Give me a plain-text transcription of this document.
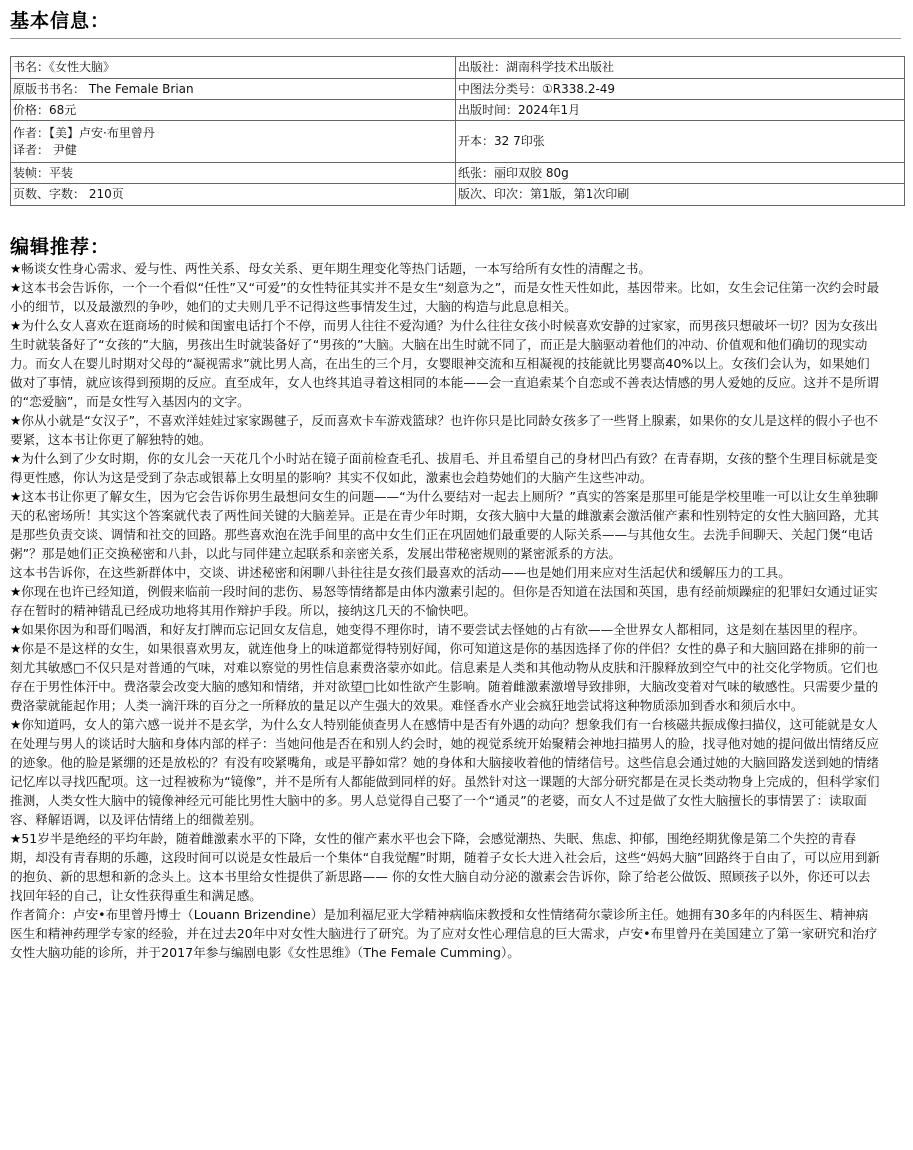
基本信息：
书名：《女性大脑》	出版社：湖南科学技术出版社
原版书书名： The Female Brian	中图法分类号：①R338.2-49
价格：68元	出版时间：2024年1月

作者：【美】卢安·布里曾丹
译者： 尹健	开本：32 7印张
装帧：平装	纸张：丽印双胶 80g
页数、字数： 210页	版次、印次：第1版，第1次印刷
编辑推荐：

★畅谈女性身心需求、爱与性、两性关系、母女关系、更年期生理变化等热门话题，一本写给所有女性的清醒之书。

★这本书会告诉你，一个一个看似“任性”又“可爱”的女性特征其实并不是女生“刻意为之”，而是女性天性如此，基因带来。比如，女生会记住第一次约会时最小的细节，以及最激烈的争吵，她们的丈夫则几乎不记得这些事情发生过，大脑的构造与此息息相关。

★为什么女人喜欢在逛商场的时候和闺蜜电话打个不停，而男人往往不爱沟通？为什么往往女孩小时候喜欢安静的过家家，而男孩只想破坏一切？因为女孩出生时就装备好了“女孩的”大脑，男孩出生时就装备好了“男孩的”大脑。大脑在出生时就不同了，而正是大脑驱动着他们的冲动、价值观和他们确切的现实动力。而女人在婴儿时期对父母的“凝视需求”就比男人高，在出生的三个月，女婴眼神交流和互相凝视的技能就比男婴高40%以上。女孩们会认为，如果她们做对了事情，就应该得到预期的反应。直至成年，女人也终其追寻着这相同的本能——会一直追索某个自恋或不善表达情感的男人爱她的反应。这并不是所谓的“恋爱脑”，而是女性写入基因内的文字。

★你从小就是“女汉子”，不喜欢洋娃娃过家家踢毽子，反而喜欢卡车游戏篮球？也许你只是比同龄女孩多了一些肾上腺素，如果你的女儿是这样的假小子也不要紧，这本书让你更了解独特的她。

★为什么到了少女时期，你的女儿会一天花几个小时站在镜子面前检查毛孔、拔眉毛、并且希望自己的身材凹凸有致？在青春期，女孩的整个生理目标就是变得更性感，你认为这是受到了杂志或银幕上女明星的影响？其实不仅如此，激素也会趋势她们的大脑产生这些冲动。

★这本书让你更了解女生，因为它会告诉你男生最想问女生的问题——“为什么要结对一起去上厕所？”真实的答案是那里可能是学校里唯一可以让女生单独聊天的私密场所！其实这个答案就代表了两性间关键的大脑差异。正是在青少年时期，女孩大脑中大量的雌激素会激活催产素和性别特定的女性大脑回路，尤其是那些负责交谈、调情和社交的回路。那些喜欢泡在洗手间里的高中女生们正在巩固她们最重要的人际关系——与其他女生。去洗手间聊天、关起门煲“电话粥”？那是她们正交换秘密和八卦，以此与同伴建立起联系和亲密关系，发展出带秘密规则的紧密派系的方法。

这本书告诉你，在这些新群体中，交谈、讲述秘密和闲聊八卦往往是女孩们最喜欢的活动——也是她们用来应对生活起伏和缓解压力的工具。

★你现在也许已经知道，例假来临前一段时间的悲伤、易怒等情绪都是由体内激素引起的。但你是否知道在法国和英国，患有经前烦躁症的犯罪妇女通过证实存在暂时的精神错乱已经成功地将其用作辩护手段。所以，接纳这几天的不愉快吧。

★如果你因为和哥们喝酒，和好友打牌而忘记回女友信息，她变得不理你时，请不要尝试去怪她的占有欲——全世界女人都相同，这是刻在基因里的程序。

★你是不是这样的女生，如果很喜欢男友，就连他身上的味道都觉得特别好闻，你可知道这是你的基因选择了你的伴侣？女性的鼻子和大脑回路在排卵的前一刻尤其敏感□不仅只是对普通的气味，对难以察觉的男性信息素费洛蒙亦如此。信息素是人类和其他动物从皮肤和汗腺释放到空气中的社交化学物质。它们也存在于男性体汗中。费洛蒙会改变大脑的感知和情绪，并对欲望□比如性欲产生影响。随着雌激素激增导致排卵，大脑改变着对气味的敏感性。只需要少量的费洛蒙就能起作用；人类一滴汗珠的百分之一所释放的量足以产生强大的效果。难怪香水产业会疯狂地尝试将这种物质添加到香水和须后水中。

★你知道吗，女人的第六感一说并不是玄学，为什么女人特别能侦查男人在感情中是否有外遇的动向？想象我们有一台核磁共振成像扫描仪，这可能就是女人在处理与男人的谈话时大脑和身体内部的样子：当她问他是否在和别人约会时，她的视觉系统开始聚精会神地扫描男人的脸，找寻他对她的提问做出情绪反应的迹象。他的脸是紧绷的还是放松的？有没有咬紧嘴角，或是平静如常？她的身体和大脑接收着他的情绪信号。这些信息会通过她的大脑回路发送到她的情绪记忆库以寻找匹配项。这一过程被称为“镜像”，并不是所有人都能做到同样的好。虽然针对这一课题的大部分研究都是在灵长类动物身上完成的，但科学家们推测，人类女性大脑中的镜像神经元可能比男性大脑中的多。男人总觉得自己娶了一个“通灵”的老婆，而女人不过是做了女性大脑擅长的事情罢了：读取面容、释解语调，以及评估情绪上的细微差别。

★51岁半是绝经的平均年龄，随着雌激素水平的下降，女性的催产素水平也会下降，会感觉潮热、失眠、焦虑、抑郁，围绝经期犹像是第二个失控的青春期，却没有青春期的乐趣，这段时间可以说是女性最后一个集体“自我觉醒”时期，随着子女长大进入社会后，这些“妈妈大脑”回路终于自由了，可以应用到新的抱负、新的思想和新的念头上。这本书里给女性提供了新思路—— 你的女性大脑自动分泌的激素会告诉你，除了给老公做饭、照顾孩子以外，你还可以去找回年轻的自己，让女性获得重生和满足感。

作者简介：卢安•布里曾丹博士（Louann Brizendine）是加利福尼亚大学精神病临床教授和女性情绪荷尔蒙诊所主任。她拥有30多年的内科医生、精神病医生和精神药理学专家的经验，并在过去20年中对女性大脑进行了研究。为了应对女性心理信息的巨大需求，卢安•布里曾丹在美国建立了第一家研究和治疗女性大脑功能的诊所，并于2017年参与编剧电影《女性思维》（The Female Cumming）。
